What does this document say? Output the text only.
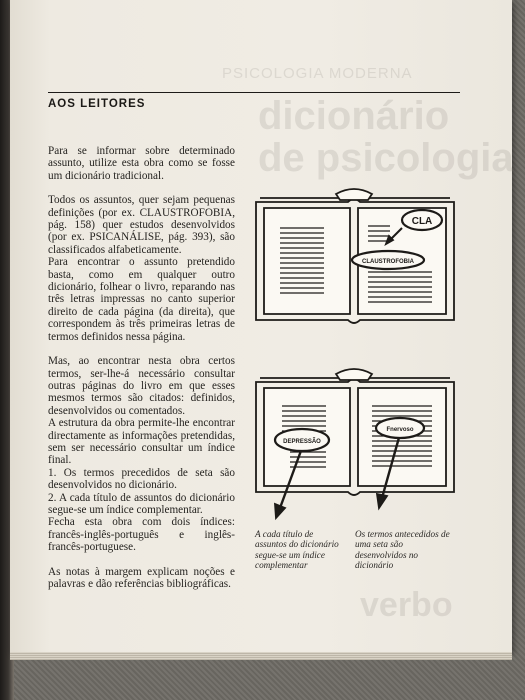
PSICOLOGIA MODERNA
dicionário
de psicologia
verbo
AOS LEITORES

Para se informar sobre determinado assunto, utilize esta obra como se fosse um dicionário tradicional.

Todos os assuntos, quer sejam pequenas definições (por ex. CLAUSTROFOBIA, pág. 158) quer estudos desenvolvidos (por ex. PSICANÁLISE, pág. 393), são classificados alfabeticamente.

Para encontrar o assunto pretendido basta, como em qualquer outro dicionário, folhear o livro, reparando nas três letras impressas no canto superior direito de cada página (da direita), que correspondem às três primeiras letras de termos definidos nessa página.

Mas, ao encontrar nesta obra certos termos, ser-lhe-á necessário consultar outras páginas do livro em que esses mesmos termos são citados: definidos, desenvolvidos ou comentados.

A estrutura da obra permite-lhe encontrar directamente as informações pretendidas, sem ser necessário consultar um índice final.

1. Os termos precedidos de seta são desenvolvidos no dicionário.

2. A cada título de assuntos do dicionário segue-se um índice complementar.

Fecha esta obra com dois índices: francês-inglês-português e inglês-francês-portuguese.

As notas à margem explicam noções e palavras e dão referências bibliográficas.

CLA
CLAUSTROFOBIA
DEPRESSÃO
Fnervoso
A cada título de assuntos do dicionário segue-se um índice complementar
Os termos antecedidos de uma seta são desenvolvidos no dicionário
